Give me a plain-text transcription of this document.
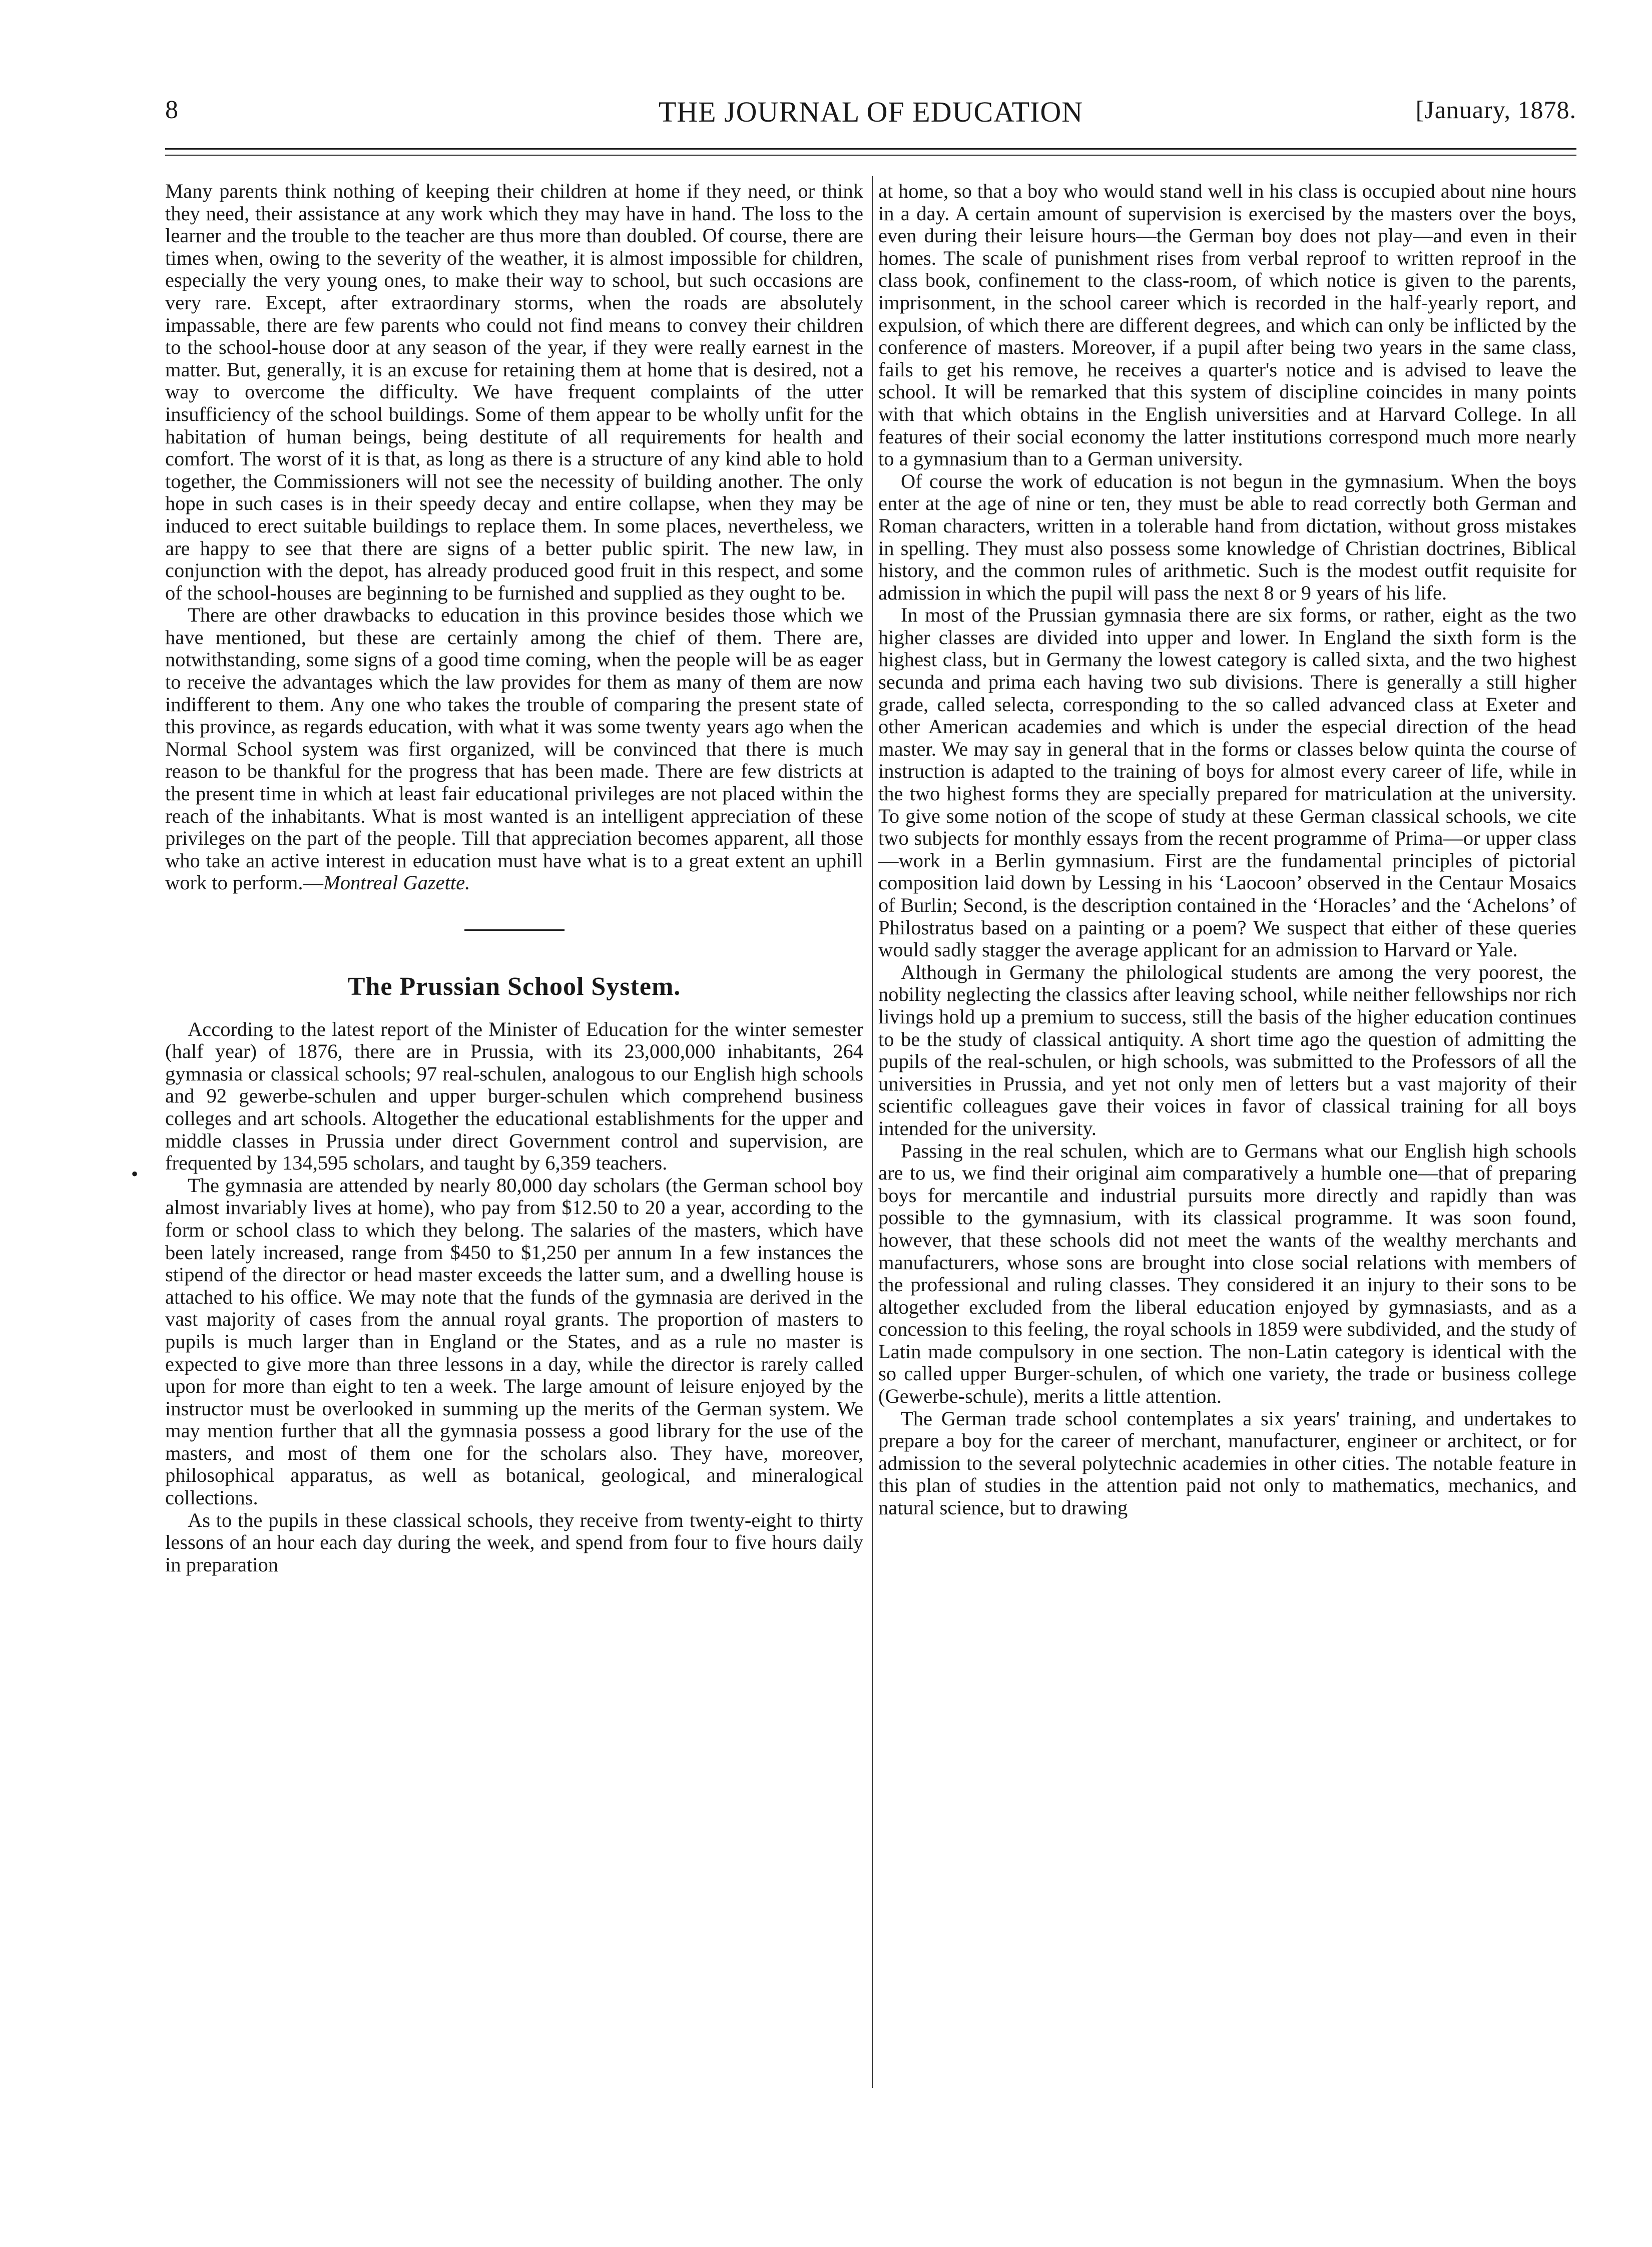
8	THE JOURNAL OF EDUCATION	[January, 1878.
•

Many parents think nothing of keeping their children at home if they need, or think they need, their assistance at any work which they may have in hand. The loss to the learner and the trouble to the teacher are thus more than doubled. Of course, there are times when, owing to the severity of the weather, it is almost impossible for children, especially the very young ones, to make their way to school, but such occasions are very rare. Except, after extraordinary storms, when the roads are absolutely impassable, there are few parents who could not find means to convey their children to the school-house door at any season of the year, if they were really earnest in the matter. But, generally, it is an excuse for retaining them at home that is desired, not a way to overcome the difficulty. We have frequent complaints of the utter insufficiency of the school buildings. Some of them appear to be wholly unfit for the habitation of human beings, being destitute of all requirements for health and comfort. The worst of it is that, as long as there is a structure of any kind able to hold together, the Commissioners will not see the necessity of building another. The only hope in such cases is in their speedy decay and entire collapse, when they may be induced to erect suitable buildings to replace them. In some places, nevertheless, we are happy to see that there are signs of a better public spirit. The new law, in conjunction with the depot, has already produced good fruit in this respect, and some of the school-houses are beginning to be furnished and supplied as they ought to be.

There are other drawbacks to education in this province besides those which we have mentioned, but these are certainly among the chief of them. There are, notwithstanding, some signs of a good time coming, when the people will be as eager to receive the advantages which the law provides for them as many of them are now indifferent to them. Any one who takes the trouble of comparing the present state of this province, as regards education, with what it was some twenty years ago when the Normal School system was first organized, will be convinced that there is much reason to be thankful for the progress that has been made. There are few districts at the present time in which at least fair educational privileges are not placed within the reach of the inhabitants. What is most wanted is an intelligent appreciation of these privileges on the part of the people. Till that appreciation becomes apparent, all those who take an active interest in education must have what is to a great extent an uphill work to perform.—Montreal Gazette.

The Prussian School System.

According to the latest report of the Minister of Education for the winter semester (half year) of 1876, there are in Prussia, with its 23,000,000 inhabitants, 264 gymnasia or classical schools; 97 real-schulen, analogous to our English high schools and 92 gewerbe-schulen and upper burger-schulen which comprehend business colleges and art schools. Altogether the educational establishments for the upper and middle classes in Prussia under direct Government control and supervision, are frequented by 134,595 scholars, and taught by 6,359 teachers.

The gymnasia are attended by nearly 80,000 day scholars (the German school boy almost invariably lives at home), who pay from $12.50 to 20 a year, according to the form or school class to which they belong. The salaries of the masters, which have been lately increased, range from $450 to $1,250 per annum In a few instances the stipend of the director or head master exceeds the latter sum, and a dwelling house is attached to his office. We may note that the funds of the gymnasia are derived in the vast majority of cases from the annual royal grants. The proportion of masters to pupils is much larger than in England or the States, and as a rule no master is expected to give more than three lessons in a day, while the director is rarely called upon for more than eight to ten a week. The large amount of leisure enjoyed by the instructor must be overlooked in summing up the merits of the German system. We may mention further that all the gymnasia possess a good library for the use of the masters, and most of them one for the scholars also. They have, moreover, philosophical apparatus, as well as botanical, geological, and mineralogical collections.

As to the pupils in these classical schools, they receive from twenty-eight to thirty lessons of an hour each day during the week, and spend from four to five hours daily in preparation

at home, so that a boy who would stand well in his class is occupied about nine hours in a day. A certain amount of supervision is exercised by the masters over the boys, even during their leisure hours—the German boy does not play—and even in their homes. The scale of punishment rises from verbal reproof to written reproof in the class book, confinement to the class-room, of which notice is given to the parents, imprisonment, in the school career which is recorded in the half-yearly report, and expulsion, of which there are different degrees, and which can only be inflicted by the conference of masters. Moreover, if a pupil after being two years in the same class, fails to get his remove, he receives a quarter's notice and is advised to leave the school. It will be remarked that this system of discipline coincides in many points with that which obtains in the English universities and at Harvard College. In all features of their social economy the latter institutions correspond much more nearly to a gymnasium than to a German university.

Of course the work of education is not begun in the gymnasium. When the boys enter at the age of nine or ten, they must be able to read correctly both German and Roman characters, written in a tolerable hand from dictation, without gross mistakes in spelling. They must also possess some knowledge of Christian doctrines, Biblical history, and the common rules of arithmetic. Such is the modest outfit requisite for admission in which the pupil will pass the next 8 or 9 years of his life.

In most of the Prussian gymnasia there are six forms, or rather, eight as the two higher classes are divided into upper and lower. In England the sixth form is the highest class, but in Germany the lowest category is called sixta, and the two highest secunda and prima each having two sub divisions. There is generally a still higher grade, called selecta, corresponding to the so called advanced class at Exeter and other American academies and which is under the especial direction of the head master. We may say in general that in the forms or classes below quinta the course of instruction is adapted to the training of boys for almost every career of life, while in the two highest forms they are specially prepared for matriculation at the university. To give some notion of the scope of study at these German classical schools, we cite two subjects for monthly essays from the recent programme of Prima—or upper class—work in a Berlin gymnasium. First are the fundamental principles of pictorial composition laid down by Lessing in his ‘Laocoon’ observed in the Centaur Mosaics of Burlin; Second, is the description contained in the ‘Horacles’ and the ‘Achelons’ of Philostratus based on a painting or a poem? We suspect that either of these queries would sadly stagger the average applicant for an admission to Harvard or Yale.

Although in Germany the philological students are among the very poorest, the nobility neglecting the classics after leaving school, while neither fellowships nor rich livings hold up a premium to success, still the basis of the higher education continues to be the study of classical antiquity. A short time ago the question of admitting the pupils of the real-schulen, or high schools, was submitted to the Professors of all the universities in Prussia, and yet not only men of letters but a vast majority of their scientific colleagues gave their voices in favor of classical training for all boys intended for the university.

Passing in the real schulen, which are to Germans what our English high schools are to us, we find their original aim comparatively a humble one—that of preparing boys for mercantile and industrial pursuits more directly and rapidly than was possible to the gymnasium, with its classical programme. It was soon found, however, that these schools did not meet the wants of the wealthy merchants and manufacturers, whose sons are brought into close social relations with members of the professional and ruling classes. They considered it an injury to their sons to be altogether excluded from the liberal education enjoyed by gymnasiasts, and as a concession to this feeling, the royal schools in 1859 were subdivided, and the study of Latin made compulsory in one section. The non-Latin category is identical with the so called upper Burger-schulen, of which one variety, the trade or business college (Gewerbe-schule), merits a little attention.

The German trade school contemplates a six years' training, and undertakes to prepare a boy for the career of merchant, manufacturer, engineer or architect, or for admission to the several polytechnic academies in other cities. The notable feature in this plan of studies in the attention paid not only to mathematics, mechanics, and natural science, but to drawing
